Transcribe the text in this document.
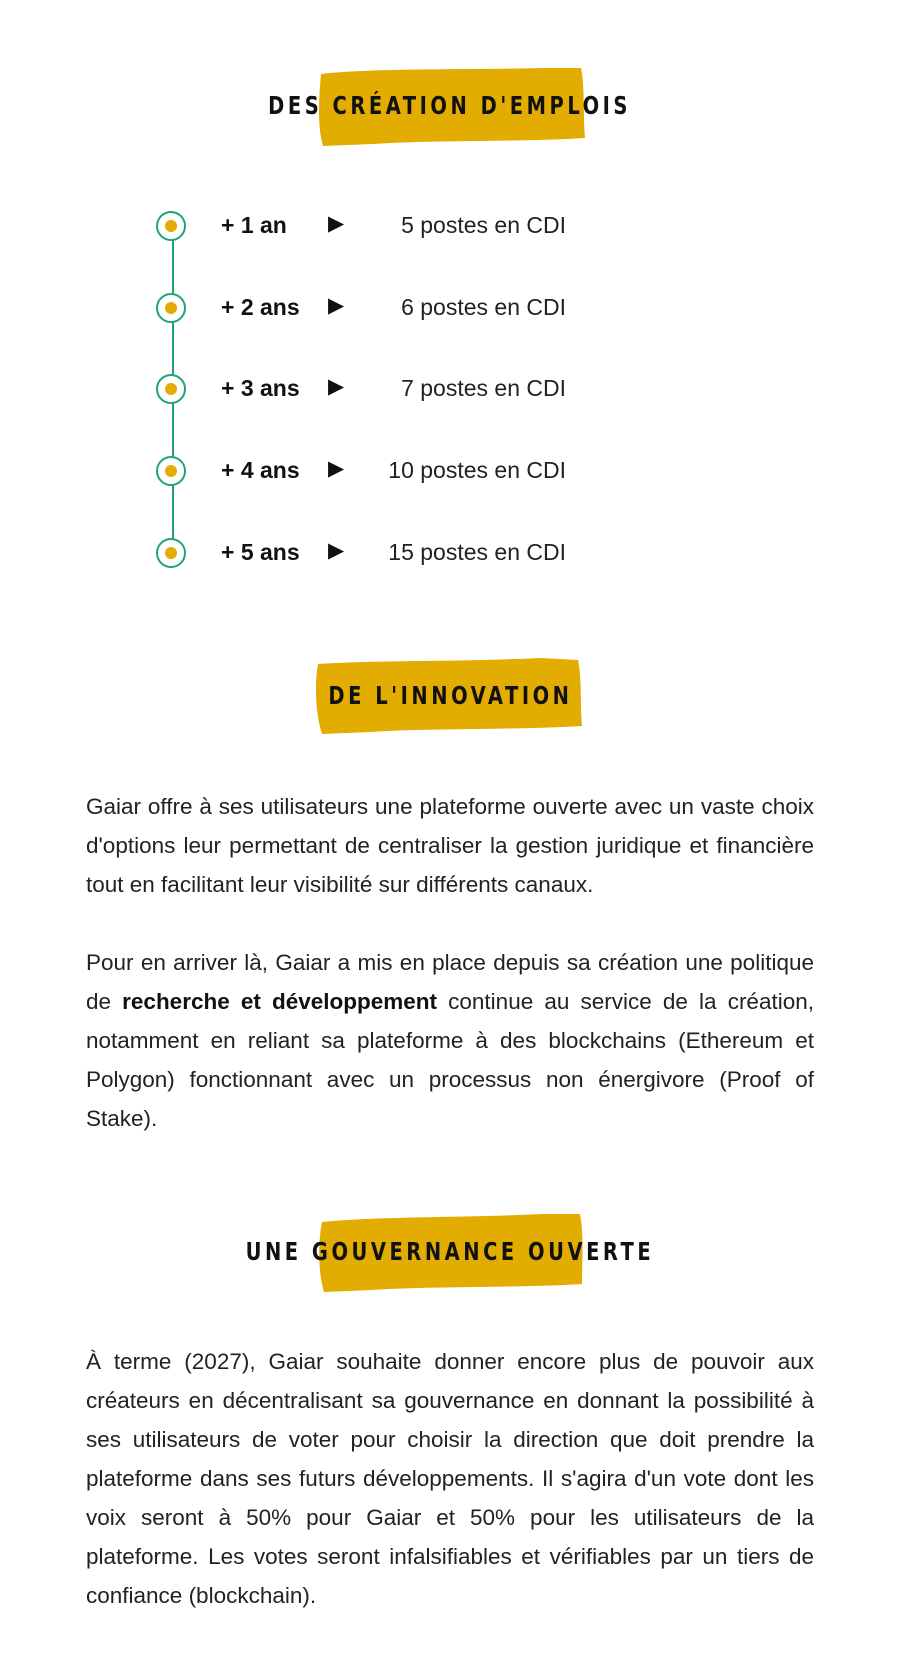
DES CRÉATION D'EMPLOIS
+ 1 an ▶ 5 postes en CDI
+ 2 ans ▶ 6 postes en CDI
+ 3 ans ▶ 7 postes en CDI
+ 4 ans ▶ 10 postes en CDI
+ 5 ans ▶ 15 postes en CDI
DE L'INNOVATION

Gaiar offre à ses utilisateurs une plateforme ouverte avec un vaste choix d'options leur permettant de centraliser la gestion juridique et financière tout en facilitant leur visibilité sur différents canaux.

Pour en arriver là, Gaiar a mis en place depuis sa création une politique de recherche et développement continue au service de la création, notamment en reliant sa plateforme à des blockchains (Ethereum et Polygon) fonctionnant avec un processus non énergivore (Proof of Stake).

UNE GOUVERNANCE OUVERTE

À terme (2027), Gaiar souhaite donner encore plus de pouvoir aux créateurs en décentralisant sa gouvernance en donnant la possibilité à ses utilisateurs de voter pour choisir la direction que doit prendre la plateforme dans ses futurs développements. Il s'agira d'un vote dont les voix seront à 50% pour Gaiar et 50% pour les utilisateurs de la plateforme. Les votes seront infalsifiables et vérifiables par un tiers de confiance (blockchain).
